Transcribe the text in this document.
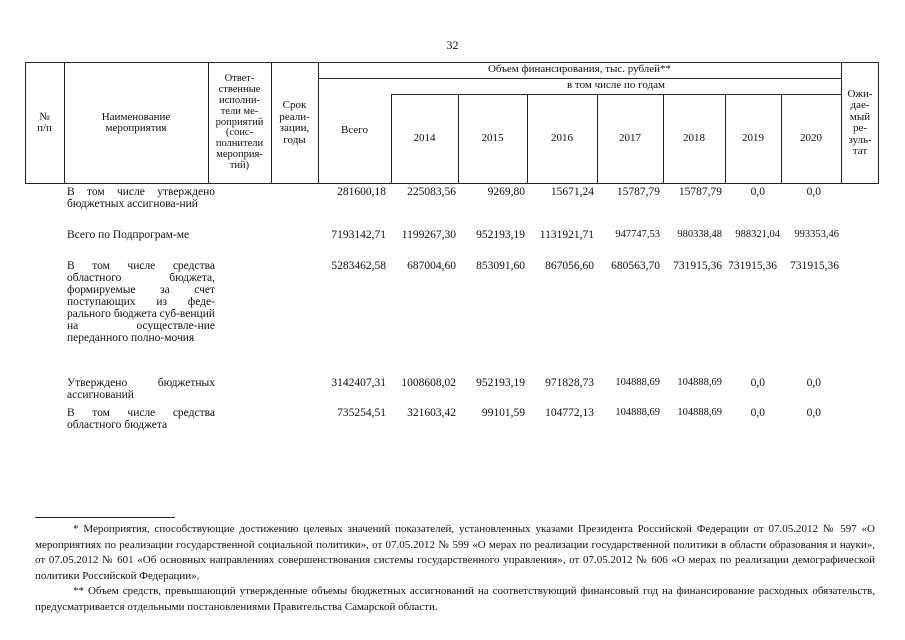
32
№
п/п
Наименование
мероприятия
Ответ-
ственные
исполни-
тели ме-
роприятий
(соис-
полнители
мероприя-
тий)
Срок
реали-
зации,
годы
Объем финансирования, тыс. рублей**
в том числе по годам
Всего
2014	2015	2016	2017	2018	2019	2020
Ожи-
дае-
мый
ре-
зуль-
тат
В том числе утверждено бюджетных ассигнова-ний
281600,18 225083,56	9269,80 15671,24 15787,79 15787,79 0,0	0,0
Всего по Подпрограм-ме	7193142,71 1199267,30 952193,19 1131921,71 947747,53 980338,48 988321,04 993353,46
В том числе средства областного бюджета, формируемые за счет поступающих из феде-рального бюджета суб-венций на осуществле-ние переданного полно-мочия
5283462,58 687004,60 853091,60 867056,60 680563,70 731915,36 731915,36 731915,36
Утверждено бюджетных ассигнований
3142407,31 1008608,02 952193,19 971828,73 104888,69 104888,69 0,0	0,0
В том числе средства областного бюджета
735254,51 321603,42 99101,59 104772,13 104888,69 104888,69 0,0	0,0
* Мероприятия, способствующие достижению целевых значений показателей, установленных указами Президента Российской Федерации от 07.05.2012 № 597 «О мероприятиях по реализации государственной социальной политики», от 07.05.2012 № 599 «О мерах по реализации государственной политики в области образования и науки», от 07.05.2012 № 601 «Об основных направлениях совершенствования системы государственного управления», от 07.05.2012 № 606 «О мерах по реализации демографической политики Российской Федерации».
** Объем средств, превышающий утвержденные объемы бюджетных ассигнований на соответствующий финансовый год на финансирование расходных обязательств, предусматривается отдельными постановлениями Правительства Самарской области.
